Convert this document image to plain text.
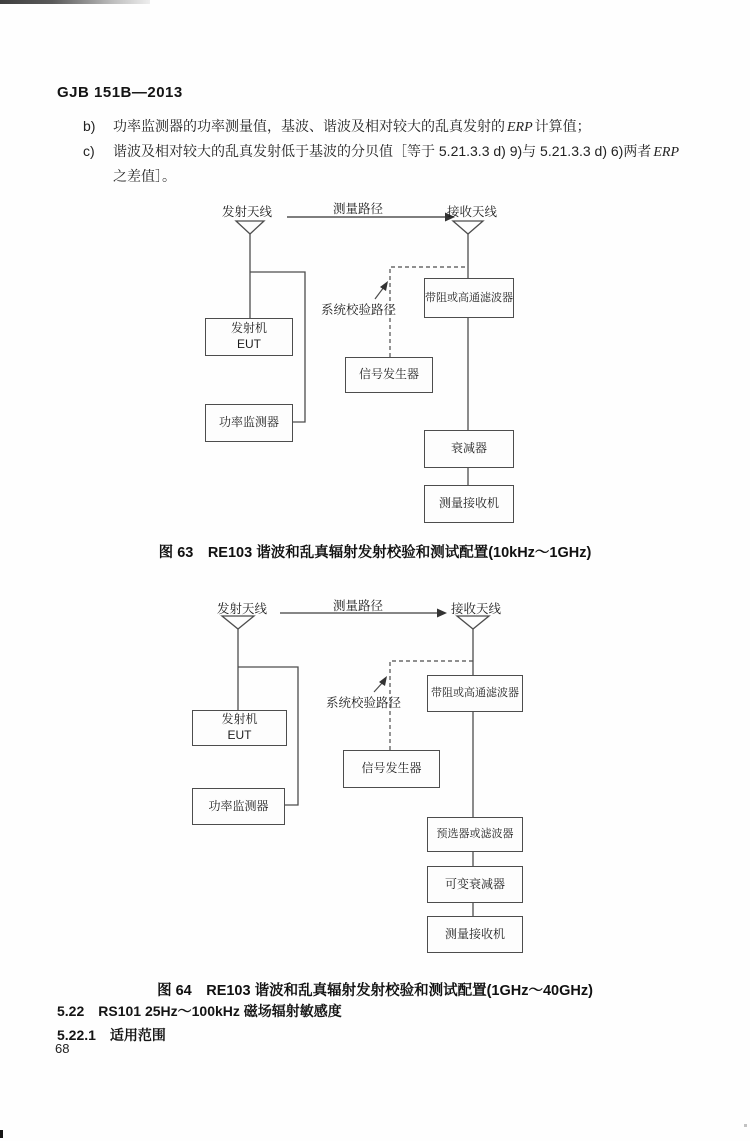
GJB 151B—2013
b) 功率监测器的功率测量值，基波、谐波及相对较大的乱真发射的 ERP 计算值；
c) 谐波及相对较大的乱真发射低于基波的分贝值［等于 5.21.3.3 d) 9)与 5.21.3.3 d) 6)两者 ERP
之差值］。
发射天线	测量路径	接收天线
系统校验路径
带阻或高通滤波器
发射机
EUT
信号发生器
功率监测器
衰减器
测量接收机
图 63　RE103 谐波和乱真辐射发射校验和测试配置(10kHz～1GHz)
发射天线	测量路径	接收天线
系统校验路径
带阻或高通滤波器
发射机
EUT
信号发生器
功率监测器
预选器或滤波器
可变衰减器
测量接收机
图 64　RE103 谐波和乱真辐射发射校验和测试配置(1GHz～40GHz)
5.22　RS101 25Hz～100kHz 磁场辐射敏感度
5.22.1　适用范围
68
